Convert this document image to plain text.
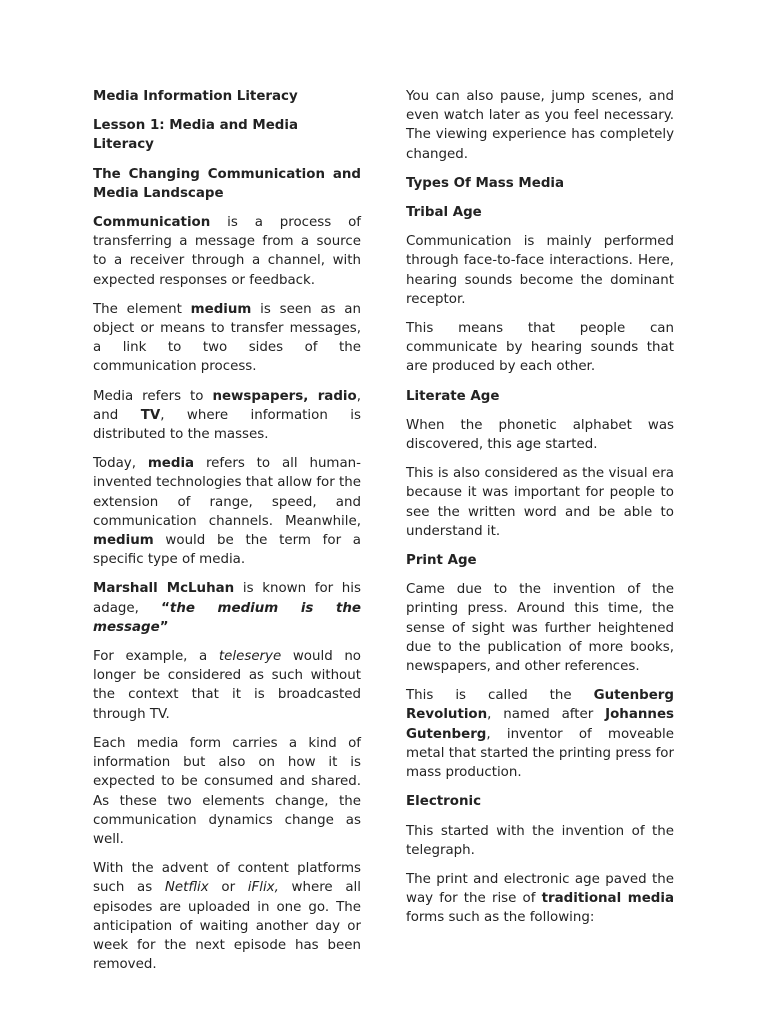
Media Information Literacy

Lesson 1: Media and Media Literacy

The Changing Communication and Media Landscape

Communication is a process of transferring a message from a source to a receiver through a channel, with expected responses or feedback.

The element medium is seen as an object or means to transfer messages, a link to two sides of the communication process.

Media refers to newspapers, radio, and TV, where information is distributed to the masses.

Today, media refers to all human-invented technologies that allow for the extension of range, speed, and communication channels. Meanwhile, medium would be the term for a specific type of media.

Marshall McLuhan is known for his adage, “the medium is the message”

For example, a teleserye would no longer be considered as such without the context that it is broadcasted through TV.

Each media form carries a kind of information but also on how it is expected to be consumed and shared. As these two elements change, the communication dynamics change as well.

With the advent of content platforms such as Netflix or iFlix, where all episodes are uploaded in one go. The anticipation of waiting another day or week for the next episode has been removed.

You can also pause, jump scenes, and even watch later as you feel necessary. The viewing experience has completely changed.

Types Of Mass Media

Tribal Age

Communication is mainly performed through face-to-face interactions. Here, hearing sounds become the dominant receptor.

This means that people can communicate by hearing sounds that are produced by each other.

Literate Age

When the phonetic alphabet was discovered, this age started.

This is also considered as the visual era because it was important for people to see the written word and be able to understand it.

Print Age

Came due to the invention of the printing press. Around this time, the sense of sight was further heightened due to the publication of more books, newspapers, and other references.

This is called the Gutenberg Revolution, named after Johannes Gutenberg, inventor of moveable metal that started the printing press for mass production.

Electronic

This started with the invention of the telegraph.

The print and electronic age paved the way for the rise of traditional media forms such as the following:
